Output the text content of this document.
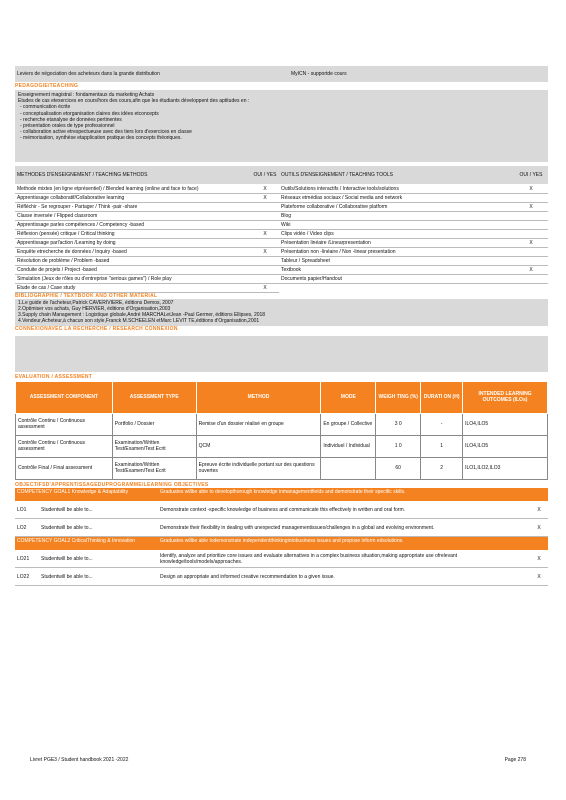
Leviers de négociation des acheteurs dans la grande distribution	MyICN - supportde cours
PEDAGOGIE/TEACHING
Enseignement magistral : fondamentaux du marketing Achats
Etudes de cas etexercices en cours/hors des cours,afin que les étudiants développent des aptitudes en :
- communication écrite
- conceptualisation etorganisation claires des idées etconcepts
- recherche etanalyse de données pertinentes
- présentation orales de type professionnel
- collaboration active etrespectueuse avec des tiers lors d'exercices en classe
- mémorisation, synthèse etapplication pratique des concepts théoriques.
METHODES D'ENSEIGNEMENT / TEACHING METHODS	OUI / YES OUTILS D'ENSEIGNEMENT / TEACHING TOOLS	OUI / YES
Methode mixtes (en ligne etprésentiel) / Blended learning (online and face to face)	X
Apprentissage collaboratif/Collaborative learning	X
Réfléchir - Se regrouper - Partager / Think -pair -share
Classe inversée / Flipped classroom
Apprentissage parles compétences / Competency -based
Réflexion (pensée) critique / Critical thinking	X
Apprentissage parl'action /Learning by doing
Enquête etrecherche de données / Inquiry -based	X
Résolution de problème / Problem -based
Conduite de projets / Project -based
Simulation (Jeux de rôles ou d'entreprise "serious games") / Role play
Etude de cas / Case study	X
Outils/Solutions interactifs / Interactive tools/solutions	X
Réseaux etmédias sociaux / Social media and network
Plateforme collaborative / Collaborative platform	X
Blog
Wiki
Clips vidéo / Video clips
Présentation linéaire /Linearpresentation	X
Présentation non -linéaire / Non -linear presentation
Tableur / Spreadsheet
Textbook	X
Documents papier/Handout
BIBLIOGRAPHIE / TEXTBOOK AND OTHER MATERIAL
1.Le guide de l'acheteur,Patrick CAVERIVIERE, éditions Demos, 2007
2.Optimiser vos achats, Guy HERVIER, éditions d'Organisation,2003
3.Supply chain Management : Logistique globale,André MARCHALetJean -Paul Germer, éditions Ellipses, 2018
4.Vendeur,Acheteur,à chacun son style,Franck M.SCHEELEN etMarc LEVIT TE,éditions d'Organisation,2001
CONNEXIONAVEC LA RECHERCHE / RESEARCH CONNEXION
EVALUATION / ASSESSMENT
ASSESSMENT COMPONENT	ASSESSMENT TYPE	METHOD	MODE	WEIGH TING (%)	DURATI ON (H)	INTENDED LEARNING OUTCOMES (ILOs)
Contrôle Continu / Continuous assessment	Portfolio / Dossier	Remise d'un dossier réalisé en groupe	En groupe / Collective	3 0	-	ILO4,ILO5
Contrôle Continu / Continuous assessment	Examination/Written Test/Examen/Test Ecrit	QCM	Individuel / Individual	1 0	1	ILO4,ILO5
Contrôle Final / Final assessment	Examination/Written Test/Examen/Test Ecrit	Epreuve écrite individuelle portant sur des questions ouvertes		60	2	ILO1,ILO2,ILO3
OBJECTIFSD'APPRENTISSAGEDUPROGRAMME/LEARNING OBJECTIVES
COMPETENCY GOAL1 Knowledge & Adaptability	Graduates willbe able to developthorough knowledge inmanagementfields and demonstrate their specific skills.
LO1	Studentwill be able to...	Demonstrate context -specific knowledge of business and communicate this effectively in written and oral form.	X
LO2	Studentwill be able to...	Demonstrate their flexibility in dealing with unexpected managementissues/challenges in a global and evolving environment.	X
COMPETENCY GOAL2 CriticalThinking & Innovation	Graduates willbe able todemonstrate independentthinkingintobusiness issues and propose inform edsolutions.
LO21	Studentwill be able to...	Identify, analyze and prioritize core issues and evaluate alternatives in a complex business situation,making appropriate use ofrelevant knowledge/tools/models/approaches.	X
LO22	Studentwill be able to...	Design an appropriate and informed creative recommendation to a given issue.	X
Livret PGE3 / Student handbook 2021 -2022	Page 278
